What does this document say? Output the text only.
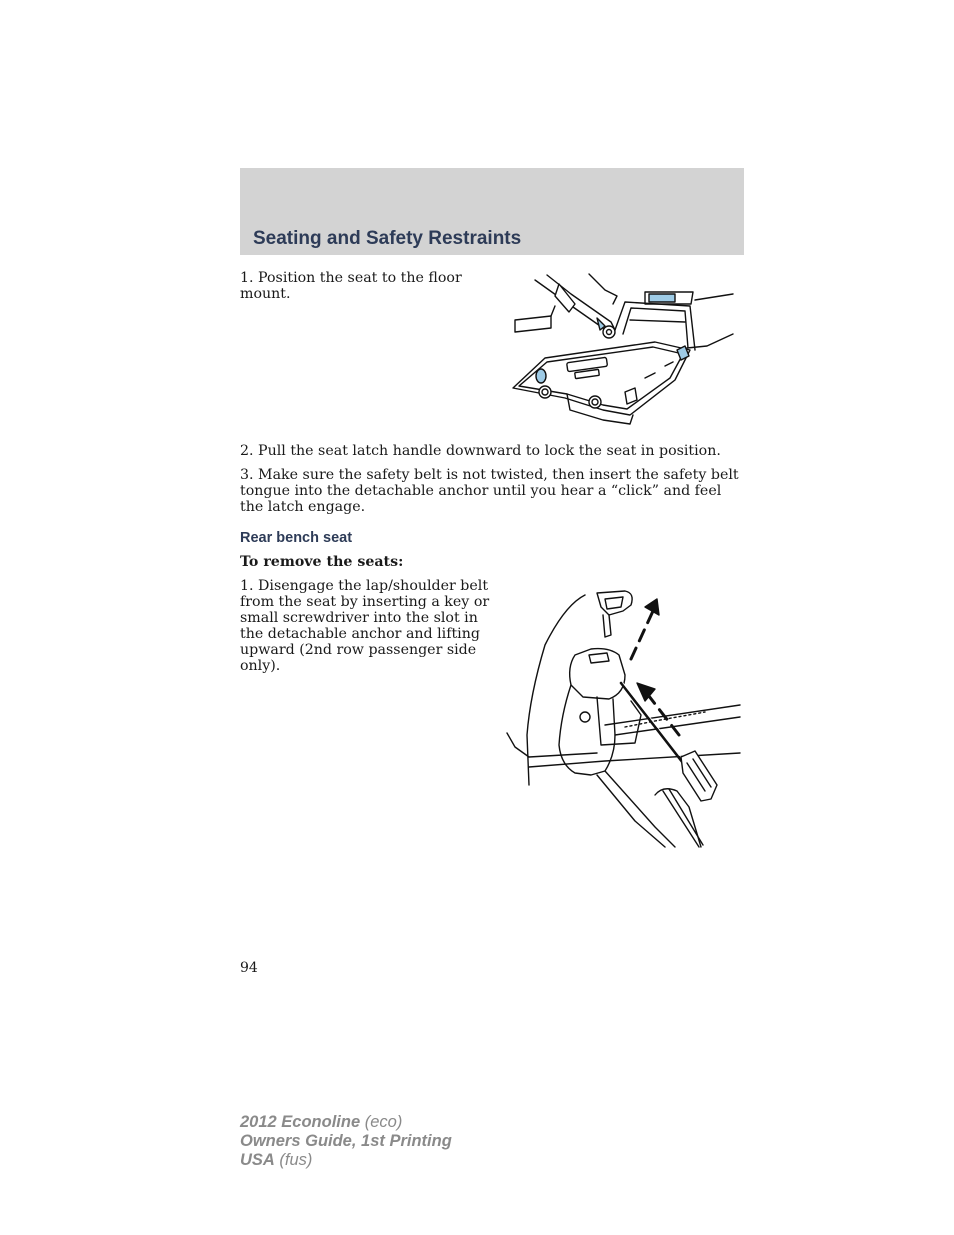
Seating and Safety Restraints

1. Position the seat to the floor mount.

2. Pull the seat latch handle downward to lock the seat in position.

3. Make sure the safety belt is not twisted, then insert the safety belt tongue into the detachable anchor until you hear a “click” and feel the latch engage.

Rear bench seat

To remove the seats:

1. Disengage the lap/shoulder belt from the seat by inserting a key or small screwdriver into the slot in the detachable anchor and lifting upward (2nd row passenger side only).

94

2012 Econoline (eco)
Owners Guide, 1st Printing
USA (fus)
